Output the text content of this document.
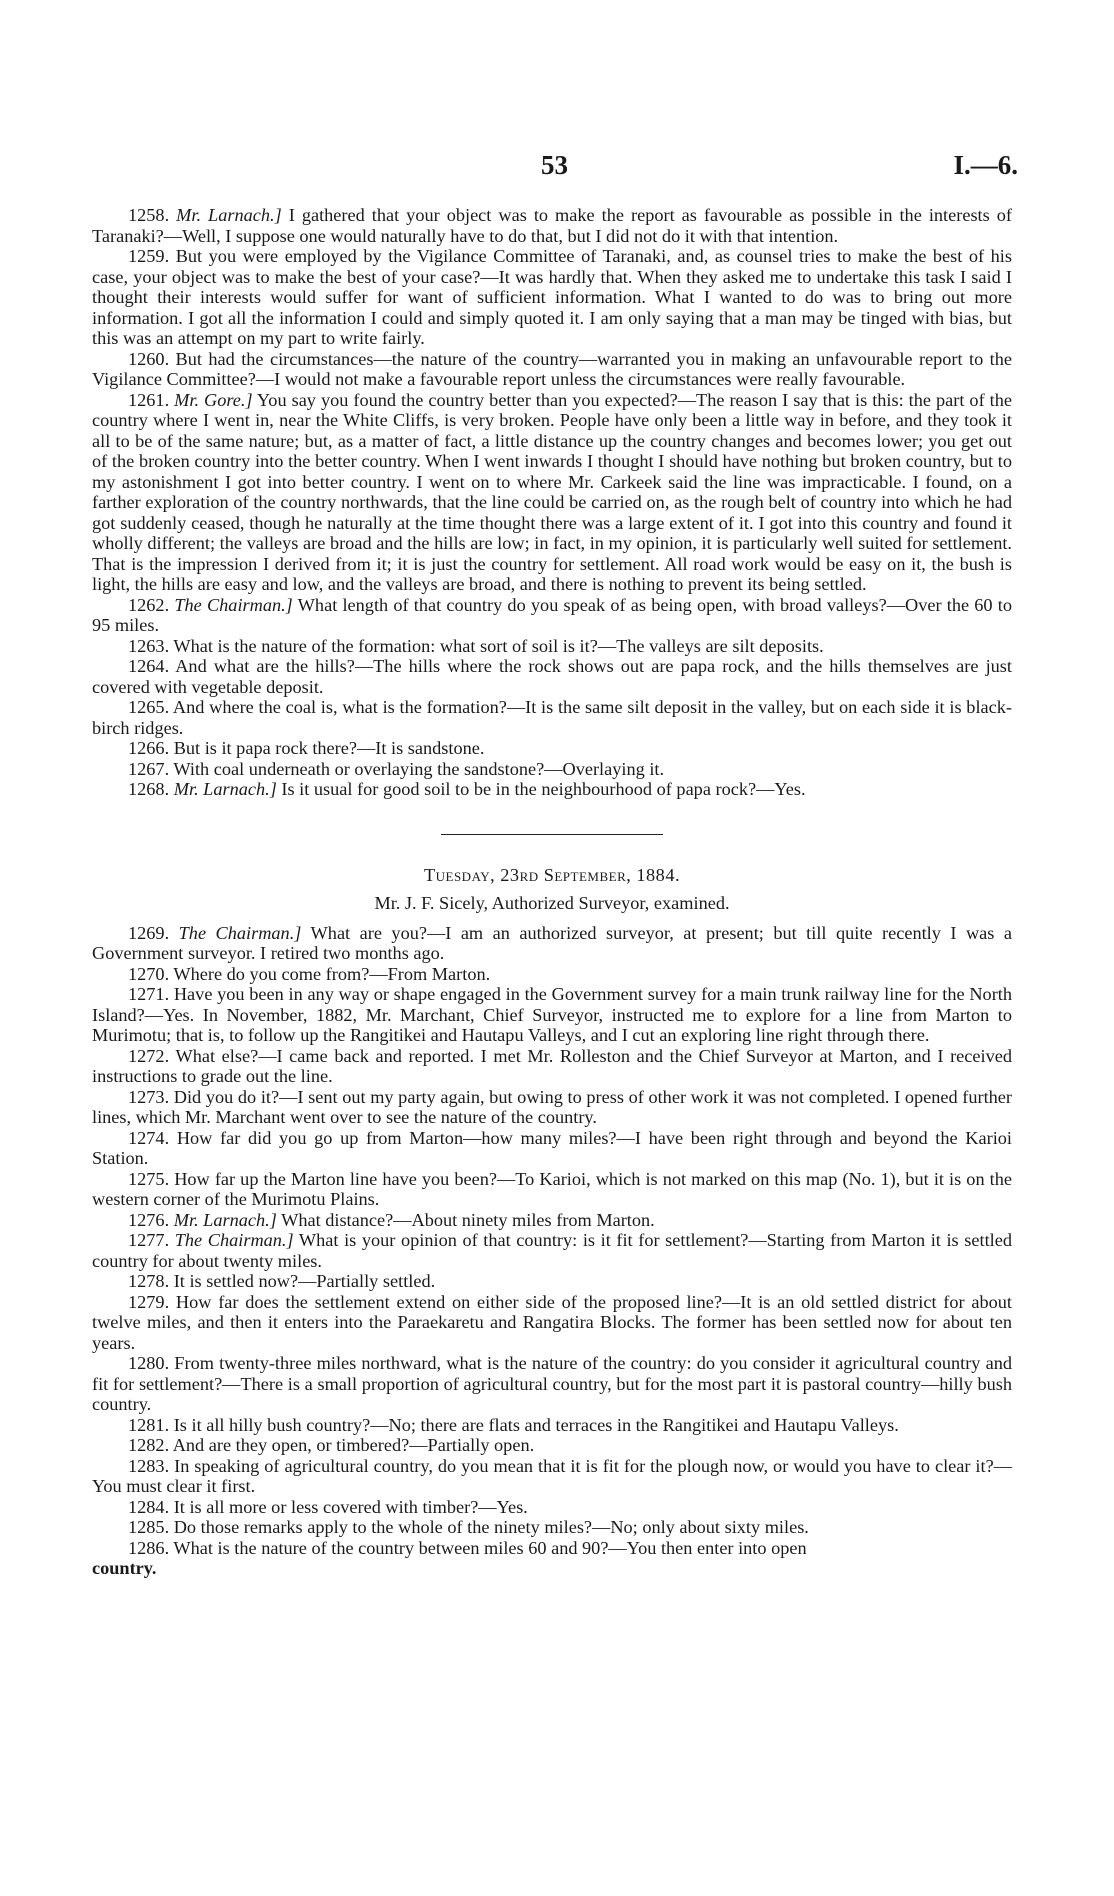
53	I.—6.

1258. Mr. Larnach.] I gathered that your object was to make the report as favourable as possible in the interests of Taranaki?—Well, I suppose one would naturally have to do that, but I did not do it with that intention.

1259. But you were employed by the Vigilance Committee of Taranaki, and, as counsel tries to make the best of his case, your object was to make the best of your case?—It was hardly that. When they asked me to undertake this task I said I thought their interests would suffer for want of sufficient information. What I wanted to do was to bring out more information. I got all the information I could and simply quoted it. I am only saying that a man may be tinged with bias, but this was an attempt on my part to write fairly.

1260. But had the circumstances—the nature of the country—warranted you in making an unfavourable report to the Vigilance Committee?—I would not make a favourable report unless the circumstances were really favourable.

1261. Mr. Gore.] You say you found the country better than you expected?—The reason I say that is this: the part of the country where I went in, near the White Cliffs, is very broken. People have only been a little way in before, and they took it all to be of the same nature; but, as a matter of fact, a little distance up the country changes and becomes lower; you get out of the broken country into the better country. When I went inwards I thought I should have nothing but broken country, but to my astonishment I got into better country. I went on to where Mr. Carkeek said the line was impracticable. I found, on a farther exploration of the country northwards, that the line could be carried on, as the rough belt of country into which he had got suddenly ceased, though he naturally at the time thought there was a large extent of it. I got into this country and found it wholly different; the valleys are broad and the hills are low; in fact, in my opinion, it is particularly well suited for settlement. That is the impression I derived from it; it is just the country for settlement. All road work would be easy on it, the bush is light, the hills are easy and low, and the valleys are broad, and there is nothing to prevent its being settled.

1262. The Chairman.] What length of that country do you speak of as being open, with broad valleys?—Over the 60 to 95 miles.

1263. What is the nature of the formation: what sort of soil is it?—The valleys are silt deposits.

1264. And what are the hills?—The hills where the rock shows out are papa rock, and the hills themselves are just covered with vegetable deposit.

1265. And where the coal is, what is the formation?—It is the same silt deposit in the valley, but on each side it is black-birch ridges.

1266. But is it papa rock there?—It is sandstone.

1267. With coal underneath or overlaying the sandstone?—Overlaying it.

1268. Mr. Larnach.] Is it usual for good soil to be in the neighbourhood of papa rock?—Yes.

Tuesday, 23rd September, 1884.
Mr. J. F. Sicely, Authorized Surveyor, examined.

1269. The Chairman.] What are you?—I am an authorized surveyor, at present; but till quite recently I was a Government surveyor. I retired two months ago.

1270. Where do you come from?—From Marton.

1271. Have you been in any way or shape engaged in the Government survey for a main trunk railway line for the North Island?—Yes. In November, 1882, Mr. Marchant, Chief Surveyor, instructed me to explore for a line from Marton to Murimotu; that is, to follow up the Rangitikei and Hautapu Valleys, and I cut an exploring line right through there.

1272. What else?—I came back and reported. I met Mr. Rolleston and the Chief Surveyor at Marton, and I received instructions to grade out the line.

1273. Did you do it?—I sent out my party again, but owing to press of other work it was not completed. I opened further lines, which Mr. Marchant went over to see the nature of the country.

1274. How far did you go up from Marton—how many miles?—I have been right through and beyond the Karioi Station.

1275. How far up the Marton line have you been?—To Karioi, which is not marked on this map (No. 1), but it is on the western corner of the Murimotu Plains.

1276. Mr. Larnach.] What distance?—About ninety miles from Marton.

1277. The Chairman.] What is your opinion of that country: is it fit for settlement?—Starting from Marton it is settled country for about twenty miles.

1278. It is settled now?—Partially settled.

1279. How far does the settlement extend on either side of the proposed line?—It is an old settled district for about twelve miles, and then it enters into the Paraekaretu and Rangatira Blocks. The former has been settled now for about ten years.

1280. From twenty-three miles northward, what is the nature of the country: do you consider it agricultural country and fit for settlement?—There is a small proportion of agricultural country, but for the most part it is pastoral country—hilly bush country.

1281. Is it all hilly bush country?—No; there are flats and terraces in the Rangitikei and Hautapu Valleys.

1282. And are they open, or timbered?—Partially open.

1283. In speaking of agricultural country, do you mean that it is fit for the plough now, or would you have to clear it?—You must clear it first.

1284. It is all more or less covered with timber?—Yes.

1285. Do those remarks apply to the whole of the ninety miles?—No; only about sixty miles.

1286. What is the nature of the country between miles 60 and 90?—You then enter into open

country.
